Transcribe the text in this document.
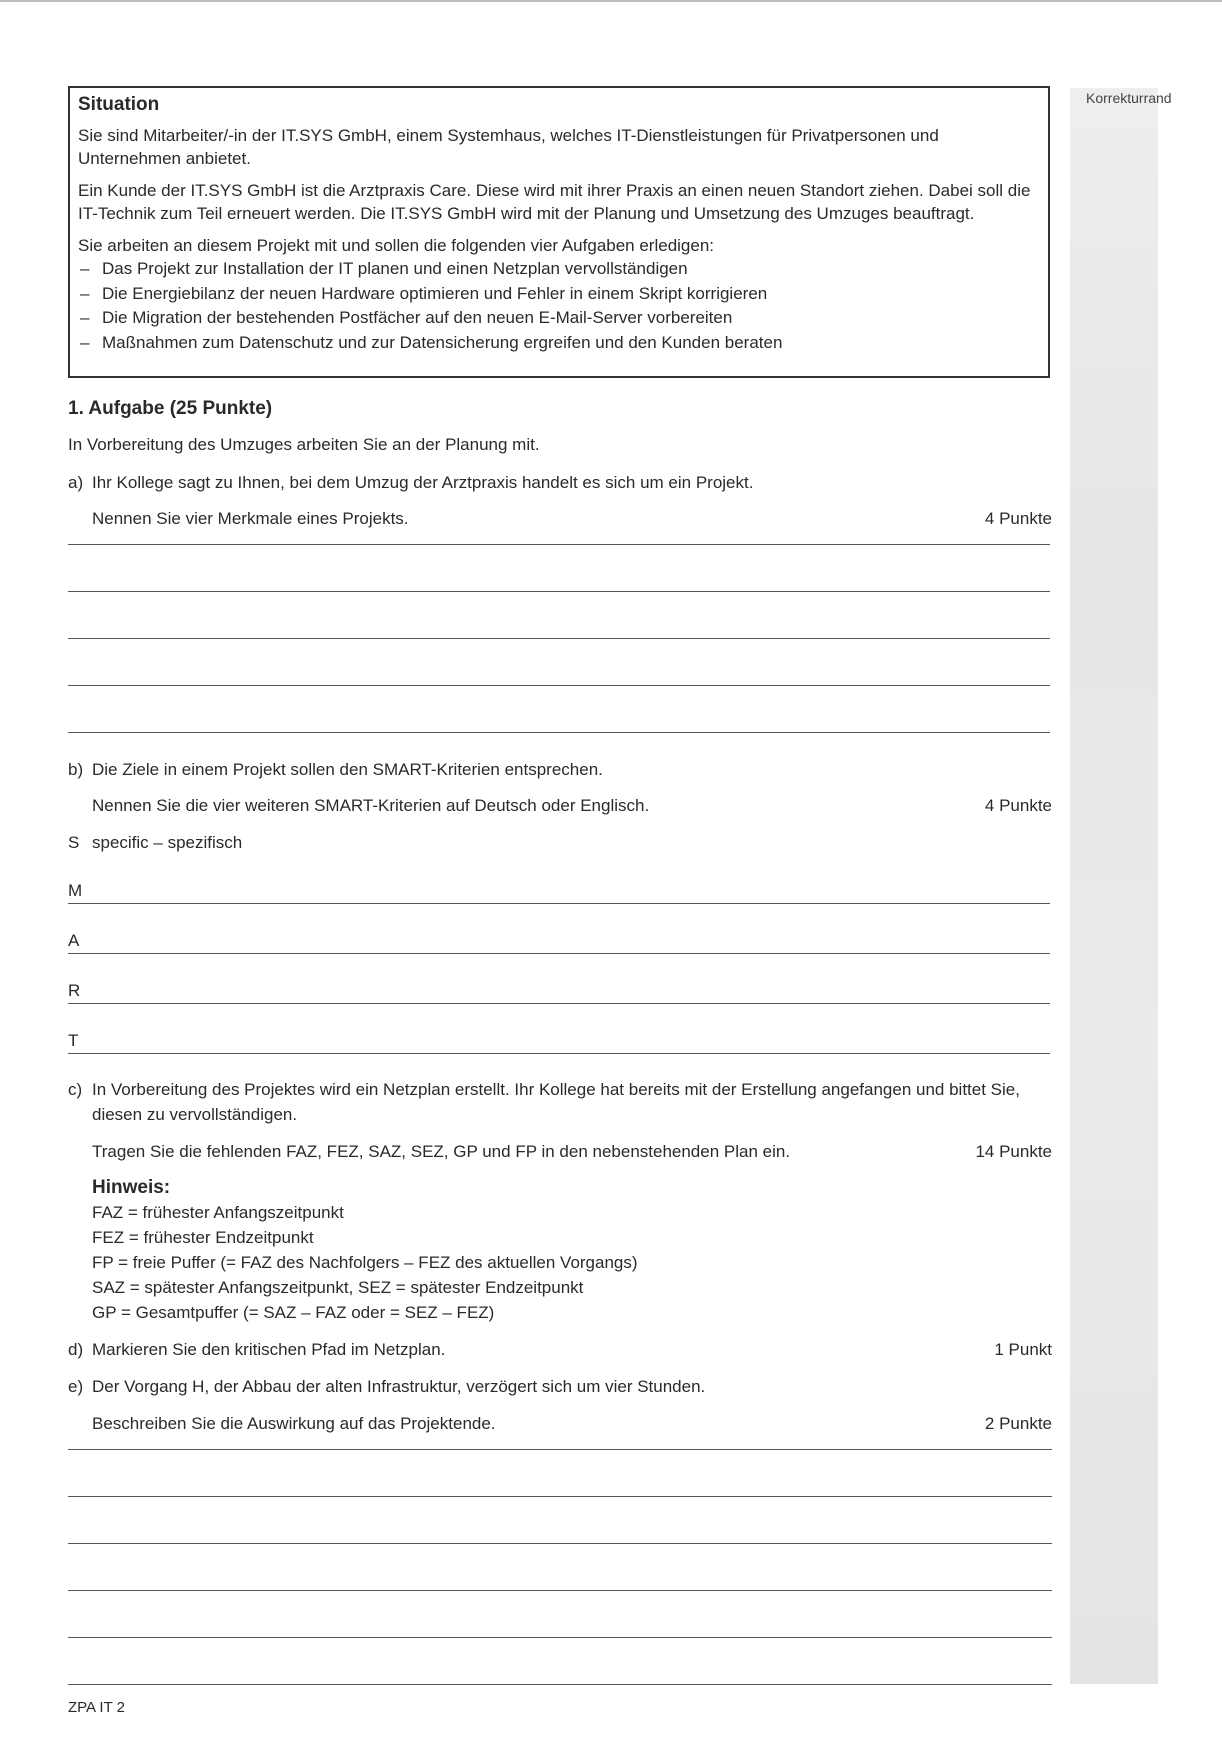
Korrekturrand
Situation

Sie sind Mitarbeiter/-in der IT.SYS GmbH, einem Systemhaus, welches IT-Dienstleistungen für Privatpersonen und Unternehmen anbietet.

Ein Kunde der IT.SYS GmbH ist die Arztpraxis Care. Diese wird mit ihrer Praxis an einen neuen Standort ziehen. Dabei soll die IT-Technik zum Teil erneuert werden. Die IT.SYS GmbH wird mit der Planung und Umsetzung des Umzuges beauftragt.

Sie arbeiten an diesem Projekt mit und sollen die folgenden vier Aufgaben erledigen:

– Das Projekt zur Installation der IT planen und einen Netzplan vervollständigen
– Die Energiebilanz der neuen Hardware optimieren und Fehler in einem Skript korrigieren
– Die Migration der bestehenden Postfächer auf den neuen E-Mail-Server vorbereiten
– Maßnahmen zum Datenschutz und zur Datensicherung ergreifen und den Kunden beraten
1. Aufgabe (25 Punkte)
In Vorbereitung des Umzuges arbeiten Sie an der Planung mit.
a) Ihr Kollege sagt zu Ihnen, bei dem Umzug der Arztpraxis handelt es sich um ein Projekt.
Nennen Sie vier Merkmale eines Projekts.	4 Punkte
b) Die Ziele in einem Projekt sollen den SMART-Kriterien entsprechen.
Nennen Sie die vier weiteren SMART-Kriterien auf Deutsch oder Englisch.	4 Punkte
S specific – spezifisch
M
A
R
T
c) In Vorbereitung des Projektes wird ein Netzplan erstellt. Ihr Kollege hat bereits mit der Erstellung angefangen und bittet Sie,
diesen zu vervollständigen.
Tragen Sie die fehlenden FAZ, FEZ, SAZ, SEZ, GP und FP in den nebenstehenden Plan ein.	14 Punkte
Hinweis:
FAZ = frühester Anfangszeitpunkt
FEZ = frühester Endzeitpunkt
FP = freie Puffer (= FAZ des Nachfolgers – FEZ des aktuellen Vorgangs)
SAZ = spätester Anfangszeitpunkt, SEZ = spätester Endzeitpunkt
GP = Gesamtpuffer (= SAZ – FAZ oder = SEZ – FEZ)
d) Markieren Sie den kritischen Pfad im Netzplan.	1 Punkt
e) Der Vorgang H, der Abbau der alten Infrastruktur, verzögert sich um vier Stunden.
Beschreiben Sie die Auswirkung auf das Projektende.	2 Punkte
ZPA IT 2
